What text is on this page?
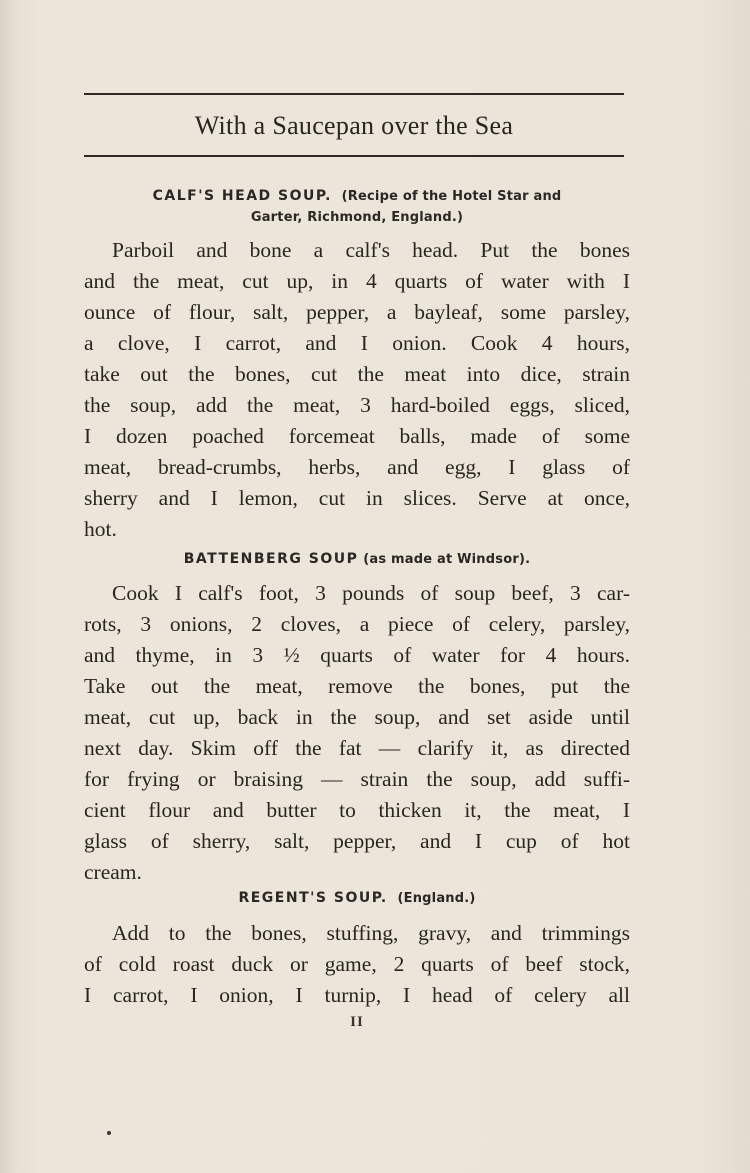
With a Saucepan over the Sea
CALF'S HEAD SOUP. (Recipe of the Hotel Star and
Garter, Richmond, England.)
Parboil and bone a calf's head. Put the bones
and the meat, cut up, in 4 quarts of water with I
ounce of flour, salt, pepper, a bayleaf, some parsley,
a clove, I carrot, and I onion. Cook 4 hours,
take out the bones, cut the meat into dice, strain
the soup, add the meat, 3 hard-boiled eggs, sliced,
I dozen poached forcemeat balls, made of some
meat, bread-crumbs, herbs, and egg, I glass of
sherry and I lemon, cut in slices. Serve at once,
hot.
BATTENBERG SOUP (as made at Windsor).
Cook I calf's foot, 3 pounds of soup beef, 3 car-
rots, 3 onions, 2 cloves, a piece of celery, parsley,
and thyme, in 3 ½ quarts of water for 4 hours.
Take out the meat, remove the bones, put the
meat, cut up, back in the soup, and set aside until
next day. Skim off the fat — clarify it, as directed
for frying or braising — strain the soup, add suffi-
cient flour and butter to thicken it, the meat, I
glass of sherry, salt, pepper, and I cup of hot
cream.
REGENT'S SOUP. (England.)
Add to the bones, stuffing, gravy, and trimmings
of cold roast duck or game, 2 quarts of beef stock,
I carrot, I onion, I turnip, I head of celery all
II
